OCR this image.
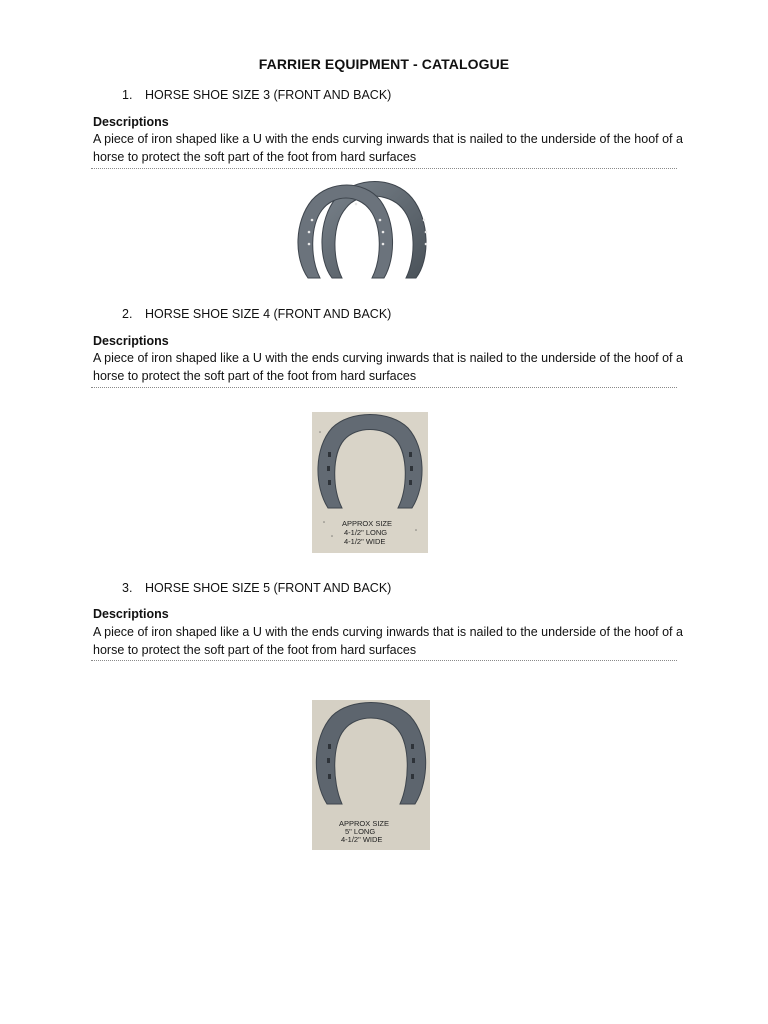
FARRIER EQUIPMENT - CATALOGUE
1. HORSE SHOE SIZE 3 (FRONT AND BACK)
Descriptions
A piece of iron shaped like a U with the ends curving inwards that is nailed to the underside of the hoof of a horse to protect the soft part of the foot from hard surfaces
2. HORSE SHOE SIZE 4 (FRONT AND BACK)
Descriptions
A piece of iron shaped like a U with the ends curving inwards that is nailed to the underside of the hoof of a horse to protect the soft part of the foot from hard surfaces
APPROX SIZE
4-1/2" LONG
4-1/2" WIDE
3. HORSE SHOE SIZE 5 (FRONT AND BACK)
Descriptions
A piece of iron shaped like a U with the ends curving inwards that is nailed to the underside of the hoof of a horse to protect the soft part of the foot from hard surfaces
APPROX SIZE
5" LONG
4-1/2" WIDE
